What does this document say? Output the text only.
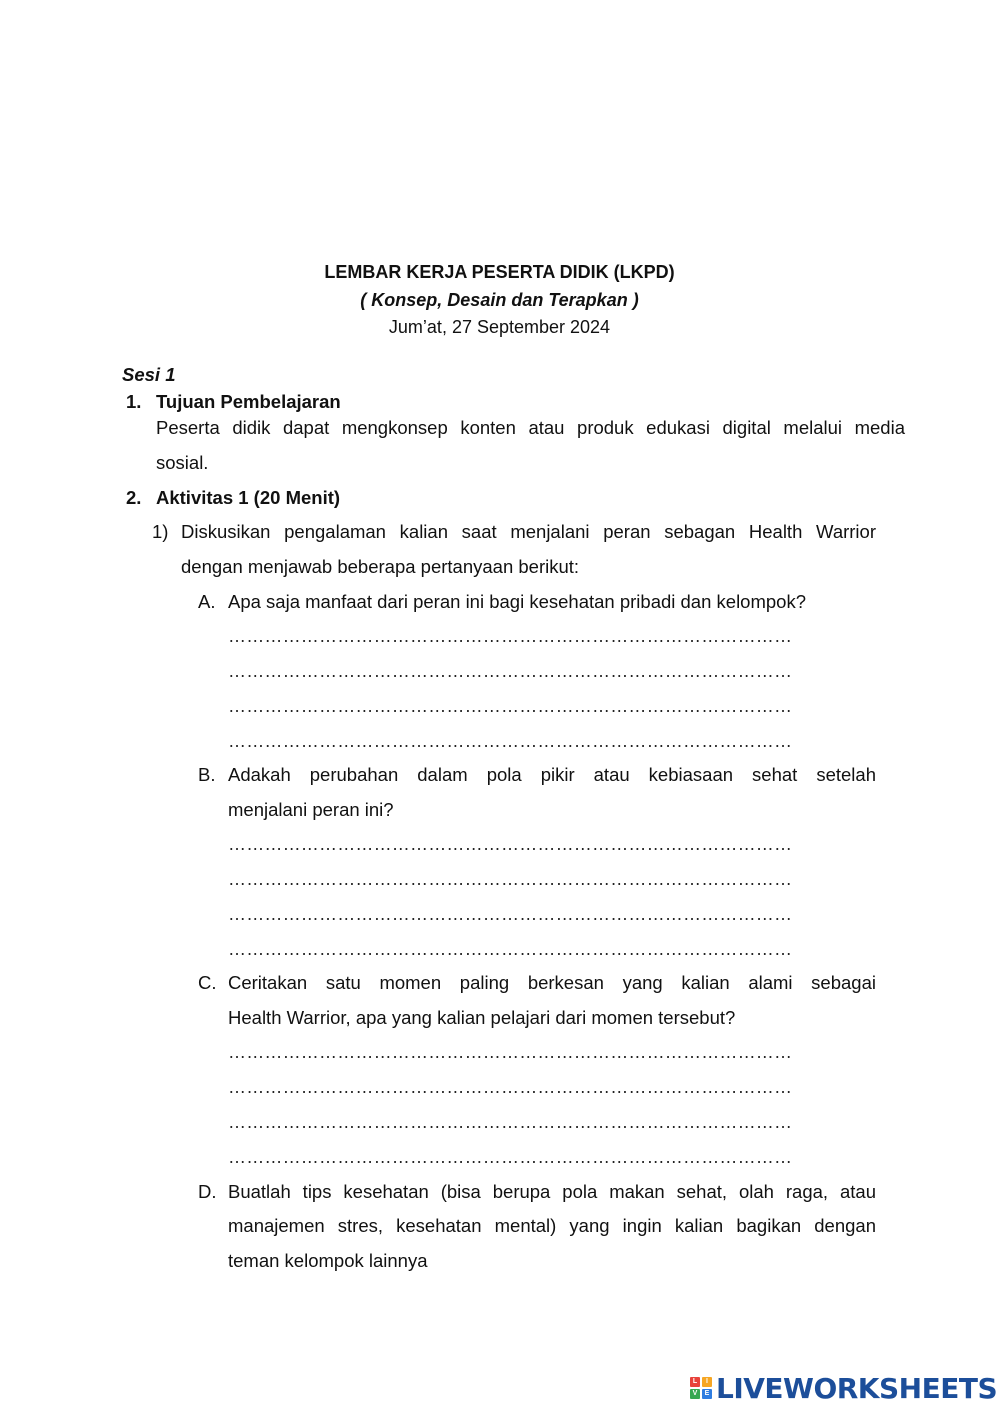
LEMBAR KERJA PESERTA DIDIK (LKPD)
( Konsep, Desain dan Terapkan )
Jum’at, 27 September 2024
Sesi 1
1. Tujuan Pembelajaran
Peserta didik dapat mengkonsep konten atau produk edukasi digital melalui media
sosial.
2. Aktivitas 1 (20 Menit)
1) Diskusikan pengalaman kalian saat menjalani peran sebagan Health Warrior
dengan menjawab beberapa pertanyaan berikut:
A. Apa saja manfaat dari peran ini bagi kesehatan pribadi dan kelompok?
…………………………………………………………………………………
…………………………………………………………………………………
…………………………………………………………………………………
…………………………………………………………………………………
B. Adakah perubahan dalam pola pikir atau kebiasaan sehat setelah
menjalani peran ini?
…………………………………………………………………………………
…………………………………………………………………………………
…………………………………………………………………………………
…………………………………………………………………………………
C. Ceritakan satu momen paling berkesan yang kalian alami sebagai
Health Warrior, apa yang kalian pelajari dari momen tersebut?
…………………………………………………………………………………
…………………………………………………………………………………
…………………………………………………………………………………
…………………………………………………………………………………
D. Buatlah tips kesehatan (bisa berupa pola makan sehat, olah raga, atau
manajemen stres, kesehatan mental) yang ingin kalian bagikan dengan
teman kelompok lainnya
L	I
V	E LIVEWORKSHEETS
